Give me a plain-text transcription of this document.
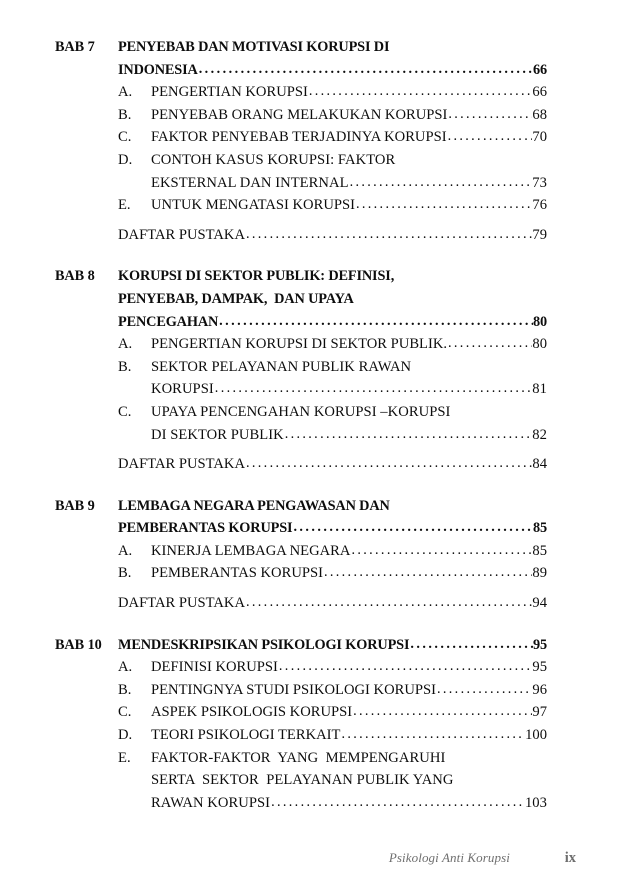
BAB 7	PENYEBAB DAN MOTIVASI KORUPSI DI
INDONESIA . . .	66
A.	PENGERTIAN KORUPSI . . .	66
B.	PENYEBAB ORANG MELAKUKAN KORUPSI . . .	68
C.	FAKTOR PENYEBAB TERJADINYA KORUPSI . . .	70
D.	CONTOH KASUS KORUPSI: FAKTOR
EKSTERNAL DAN INTERNAL . . .	73
E.	UNTUK MENGATASI KORUPSI . . .	76
DAFTAR PUSTAKA . . .	79
BAB 8	KORUPSI DI SEKTOR PUBLIK: DEFINISI,
PENYEBAB, DAMPAK,  DAN UPAYA
PENCEGAHAN . . .	80
A.	PENGERTIAN KORUPSI DI SEKTOR PUBLIK. . . .	80
B.	SEKTOR PELAYANAN PUBLIK RAWAN
KORUPSI . . .	81
C.	UPAYA PENCENGAHAN KORUPSI –KORUPSI
DI SEKTOR PUBLIK . . .	82
DAFTAR PUSTAKA . . .	84
BAB 9	LEMBAGA NEGARA PENGAWASAN DAN
PEMBERANTAS KORUPSI . . .	85
A.	KINERJA LEMBAGA NEGARA . . .	85
B.	PEMBERANTAS KORUPSI . . .	89
DAFTAR PUSTAKA . . .	94
BAB 10	MENDESKRIPSIKAN PSIKOLOGI KORUPSI . . .	95
A.	DEFINISI KORUPSI . . .	95
B.	PENTINGNYA STUDI PSIKOLOGI KORUPSI . . .	96
C.	ASPEK PSIKOLOGIS KORUPSI . . .	97
D.	TEORI PSIKOLOGI TERKAIT . . .	100
E.	FAKTOR-FAKTOR  YANG  MEMPENGARUHI
SERTA  SEKTOR  PELAYANAN PUBLIK YANG
RAWAN KORUPSI . . .	103
Psikologi Anti Korupsi	ix
